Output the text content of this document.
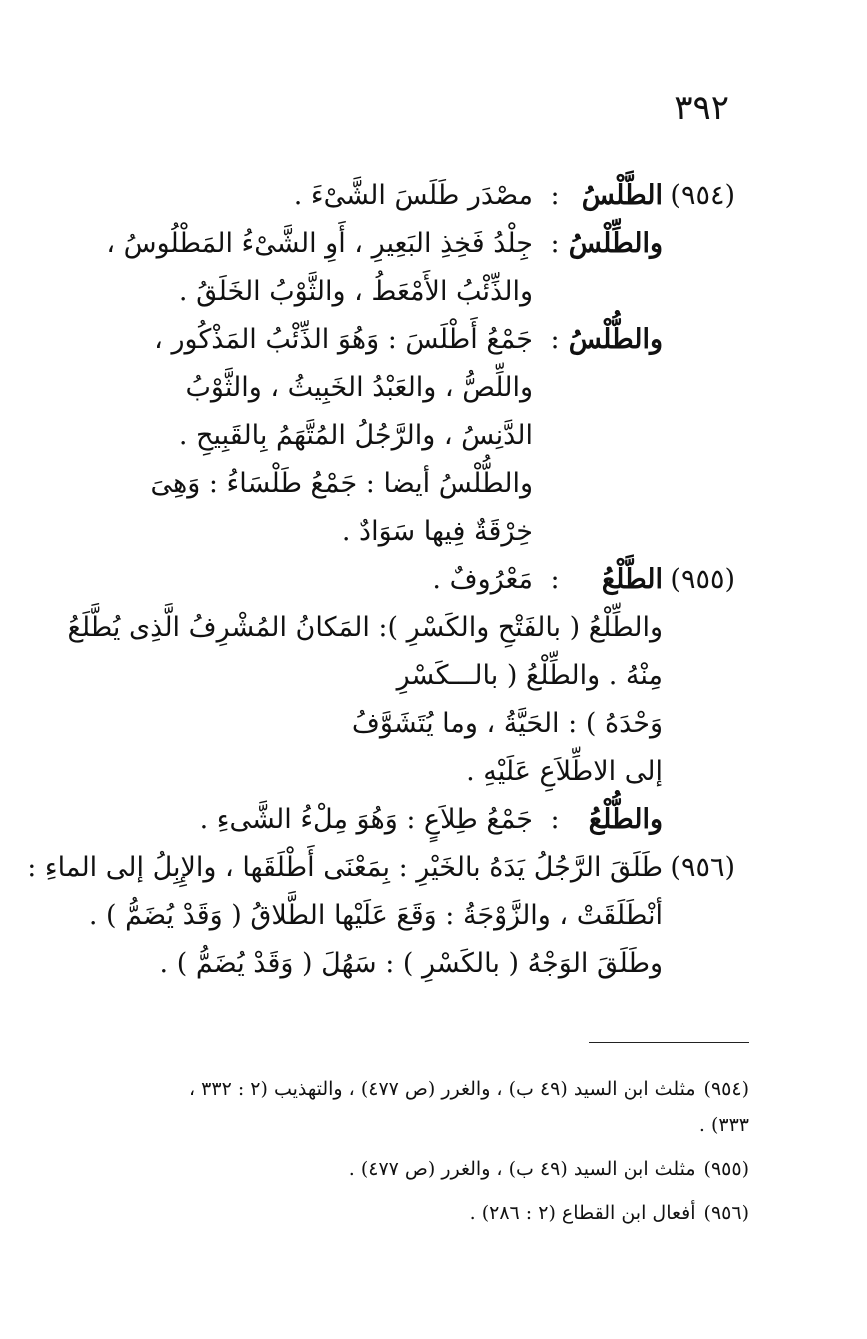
٣٩٢
(٩٥٤)الطَّلْسُ:مصْدَر طَلَسَ الشَّىْءَ .
والطِّلْسُ:جِلْدُ فَخِذِ البَعِيرِ ، أَوِ الشَّىْءُ المَطْلُوسُ ،
والذِّئْبُ الأَمْعَطُ ، والثَّوْبُ الخَلَقُ .
والطُّلْسُ:جَمْعُ أَطْلَسَ : وَهُوَ الذِّئْبُ المَذْكُور ،
واللِّصُّ ، والعَبْدُ الخَبِيثُ ، والثَّوْبُ
الدَّنِسُ ، والرَّجُلُ المُتَّهَمُ بِالقَبِيحِ .
والطُّلْسُ أيضا : جَمْعُ طَلْسَاءُ : وَهِىَ
خِرْقَةٌ فِيها سَوَادٌ .
(٩٥٥)الطَّلْعُ:مَعْرُوفٌ .
والطِّلْعُ ( بالفَتْحِ والكَسْرِ ): المَكانُ المُشْرِفُ الَّذِى يُطَّلَعُ
مِنْهُ . والطِّلْعُ ( بالـــكَسْرِ
وَحْدَهُ ) : الحَيَّةُ ، وما يُتَشَوَّفُ
إلى الاطِّلاَعِ عَلَيْهِ .
والطُّلْعُ:جَمْعُ طِلاَعٍ : وَهُوَ مِلْءُ الشَّىءِ .
(٩٥٦)طَلَقَ الرَّجُلُ يَدَهُ بالخَيْرِ : بِمَعْنَى أَطْلَقَها ، والإِبِلُ إلى الماءِ :
أنْطَلَقَتْ ، والزَّوْجَةُ : وَقَعَ عَلَيْها الطَّلاقُ ( وَقَدْ يُضَمُّ ) .
وطَلَقَ الوَجْهُ ( بالكَسْرِ ) : سَهُلَ ( وَقَدْ يُضَمُّ ) .
(٩٥٤)مثلث ابن السيد (٤٩ ب) ، والغرر (ص ٤٧٧) ، والتهذيب (٢ : ٣٣٢ ،
٣٣٣) .
(٩٥٥)مثلث ابن السيد (٤٩ ب) ، والغرر (ص ٤٧٧) .
(٩٥٦)أفعال ابن القطاع (٢ : ٢٨٦) .
